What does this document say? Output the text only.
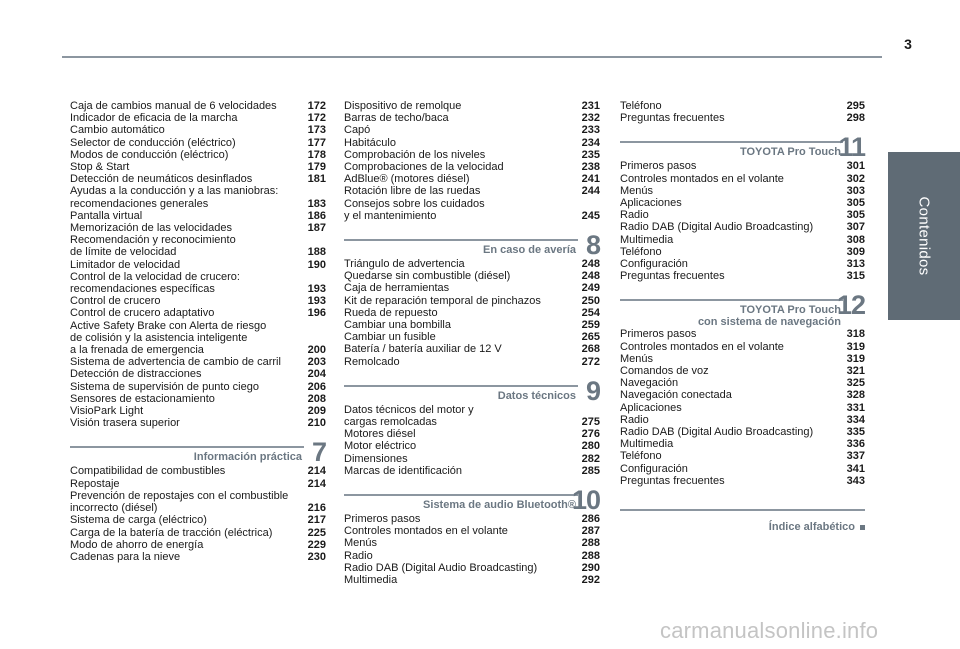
3
Contenidos
Caja de cambios manual de 6 velocidades	172
Indicador de eficacia de la marcha	172
Cambio automático	173
Selector de conducción (eléctrico)	177
Modos de conducción (eléctrico)	178
Stop & Start	179
Detección de neumáticos desinflados	181
Ayudas a la conducción y a las maniobras:
recomendaciones generales	183
Pantalla virtual	186
Memorización de las velocidades	187
Recomendación y reconocimiento
de límite de velocidad	188
Limitador de velocidad	190
Control de la velocidad de crucero:
recomendaciones específicas	193
Control de crucero	193
Control de crucero adaptativo	196
Active Safety Brake con Alerta de riesgo
de colisión y la asistencia inteligente
a la frenada de emergencia	200
Sistema de advertencia de cambio de carril	203
Detección de distracciones	204
Sistema de supervisión de punto ciego	206
Sensores de estacionamiento	208
VisioPark Light	209
Visión trasera superior	210
7
Información práctica
Compatibilidad de combustibles	214
Repostaje	214
Prevención de repostajes con el combustible
incorrecto (diésel)	216
Sistema de carga (eléctrico)	217
Carga de la batería de tracción (eléctrica)	225
Modo de ahorro de energía	229
Cadenas para la nieve	230
Dispositivo de remolque	231
Barras de techo/baca	232
Capó	233
Habitáculo	234
Comprobación de los niveles	235
Comprobaciones de la velocidad	238
AdBlue® (motores diésel)	241
Rotación libre de las ruedas	244
Consejos sobre los cuidados
y el mantenimiento	245
8
En caso de avería
Triángulo de advertencia	248
Quedarse sin combustible (diésel)	248
Caja de herramientas	249
Kit de reparación temporal de pinchazos	250
Rueda de repuesto	254
Cambiar una bombilla	259
Cambiar un fusible	265
Batería / batería auxiliar de 12 V	268
Remolcado	272
9
Datos técnicos
Datos técnicos del motor y
cargas remolcadas	275
Motores diésel	276
Motor eléctrico	280
Dimensiones	282
Marcas de identificación	285
10
Sistema de audio Bluetooth®
Primeros pasos	286
Controles montados en el volante	287
Menús	288
Radio	288
Radio DAB (Digital Audio Broadcasting)	290
Multimedia	292
Teléfono	295
Preguntas frecuentes	298
11
TOYOTA Pro Touch
Primeros pasos	301
Controles montados en el volante	302
Menús	303
Aplicaciones	305
Radio	305
Radio DAB (Digital Audio Broadcasting)	307
Multimedia	308
Teléfono	309
Configuración	313
Preguntas frecuentes	315
12
TOYOTA Pro Touch
con sistema de navegación
Primeros pasos	318
Controles montados en el volante	319
Menús	319
Comandos de voz	321
Navegación	325
Navegación conectada	328
Aplicaciones	331
Radio	334
Radio DAB (Digital Audio Broadcasting)	335
Multimedia	336
Teléfono	337
Configuración	341
Preguntas frecuentes	343
Índice alfabético
carmanualsonline.info
